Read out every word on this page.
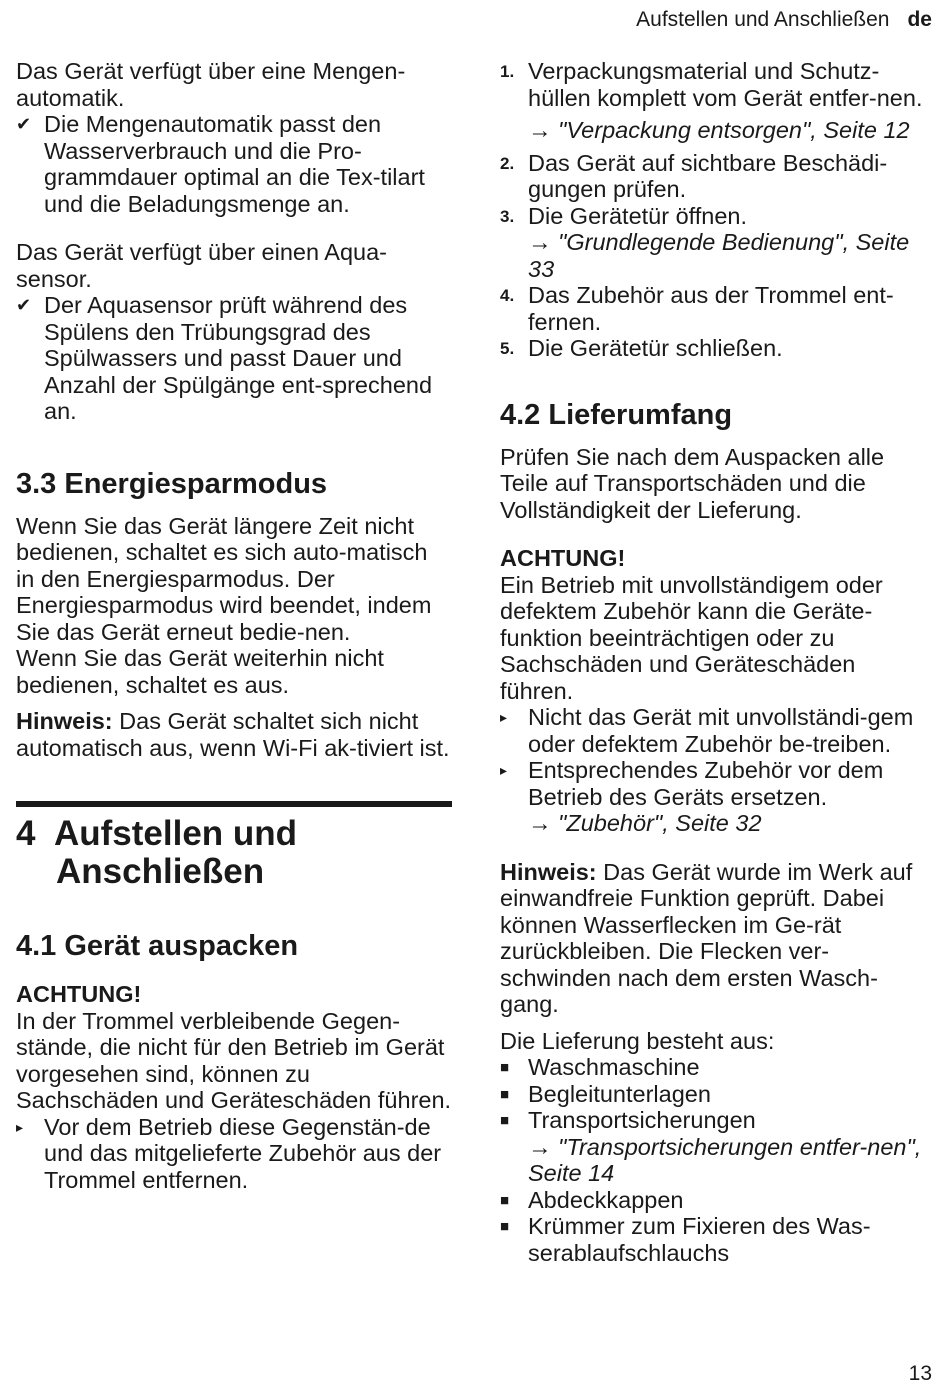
Aufstellen und Anschließen de

Das Gerät verfügt über eine Mengen-automatik.

✔ Die Mengenautomatik passt den Wasserverbrauch und die Pro-grammdauer optimal an die Tex-tilart und die Beladungsmenge an.

Das Gerät verfügt über einen Aqua-sensor.

✔ Der Aquasensor prüft während des Spülens den Trübungsgrad des Spülwassers und passt Dauer und Anzahl der Spülgänge ent-sprechend an.
3.3 Energiesparmodus

Wenn Sie das Gerät längere Zeit nicht bedienen, schaltet es sich auto-matisch in den Energiesparmodus. Der Energiesparmodus wird beendet, indem Sie das Gerät erneut bedie-nen.

Wenn Sie das Gerät weiterhin nicht bedienen, schaltet es aus.

Hinweis: Das Gerät schaltet sich nicht automatisch aus, wenn Wi-Fi ak-tiviert ist.

4 Aufstellen und
Anschließen
4.1 Gerät auspacken

ACHTUNG!

In der Trommel verbleibende Gegen-stände, die nicht für den Betrieb im Gerät vorgesehen sind, können zu Sachschäden und Geräteschäden führen.

▸ Vor dem Betrieb diese Gegenstän-de und das mitgelieferte Zubehör aus der Trommel entfernen.
1. Verpackungsmaterial und Schutz-hüllen komplett vom Gerät entfer-nen.
→ "Verpackung entsorgen", Seite 12
2. Das Gerät auf sichtbare Beschädi-gungen prüfen.
3. Die Gerätetür öffnen.
→ "Grundlegende Bedienung", Seite 33
4. Das Zubehör aus der Trommel ent-fernen.
5. Die Gerätetür schließen.
4.2 Lieferumfang

Prüfen Sie nach dem Auspacken alle Teile auf Transportschäden und die Vollständigkeit der Lieferung.

ACHTUNG!

Ein Betrieb mit unvollständigem oder defektem Zubehör kann die Geräte-funktion beeinträchtigen oder zu Sachschäden und Geräteschäden führen.

▸ Nicht das Gerät mit unvollständi-gem oder defektem Zubehör be-treiben.
▸ Entsprechendes Zubehör vor dem Betrieb des Geräts ersetzen.
→ "Zubehör", Seite 32

Hinweis: Das Gerät wurde im Werk auf einwandfreie Funktion geprüft. Dabei können Wasserflecken im Ge-rät zurückbleiben. Die Flecken ver-schwinden nach dem ersten Wasch-gang.

Die Lieferung besteht aus:

■ Waschmaschine
■ Begleitunterlagen
■ Transportsicherungen
→ "Transportsicherungen entfer-nen", Seite 14
■ Abdeckkappen
■ Krümmer zum Fixieren des Was-serablaufschlauchs
13
